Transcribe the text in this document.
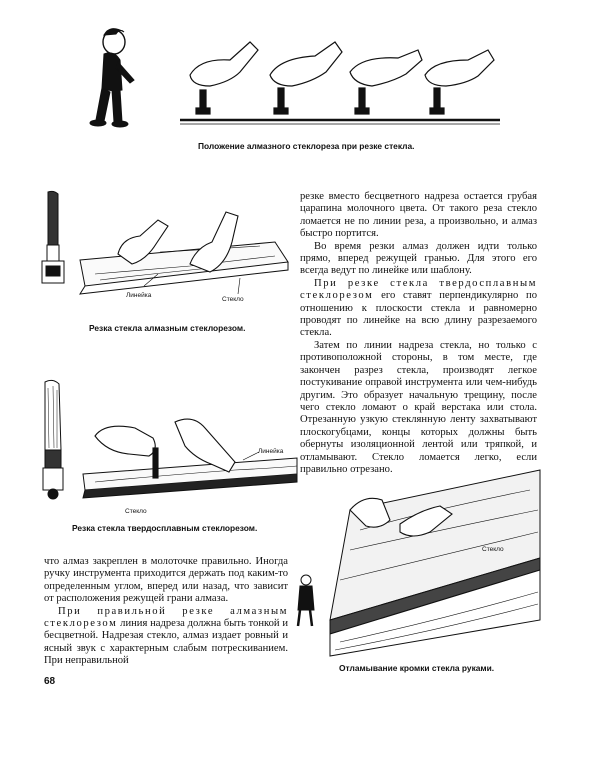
Положение алмазного стеклореза при резке стекла.
Линейка
Стекло
Резка стекла алмазным стеклорезом.
Линейка
Стекло
Резка стекла твердосплавным стеклорезом.

резке вместо бесцветного надреза остается грубая царапина молочного цвета. От такого реза стекло ломается не по линии реза, а произвольно, и алмаз быстро портится.

Во время резки алмаз должен идти только прямо, вперед режущей гранью. Для этого его всегда ведут по линейке или шаблону.

При резке стекла твердосплавным стеклорезом его ставят перпендикулярно по отношению к плоскости стекла и равномерно проводят по линейке на всю длину разрезаемого стекла.

Затем по линии надреза стекла, но только с противоположной стороны, в том месте, где закончен разрез стекла, производят легкое постукивание оправой инструмента или чем-нибудь другим. Это образует начальную трещину, после чего стекло ломают о край верстака или стола. Отрезанную узкую стеклянную ленту захватывают плоскогубцами, концы которых должны быть обернуты изоляционной лентой или тряпкой, и отламывают. Стекло ломается легко, если правильно отрезано.

Стекло
Отламывание кромки стекла руками.

что алмаз закреплен в молоточке правильно. Иногда ручку инструмента приходится держать под каким-то определенным углом, вперед или назад, что зависит от расположения режущей грани алмаза.

При правильной резке алмазным стеклорезом линия надреза должна быть тонкой и бесцветной. Надрезая стекло, алмаз издает ровный и ясный звук с характерным слабым потрескиванием. При неправильной

68
